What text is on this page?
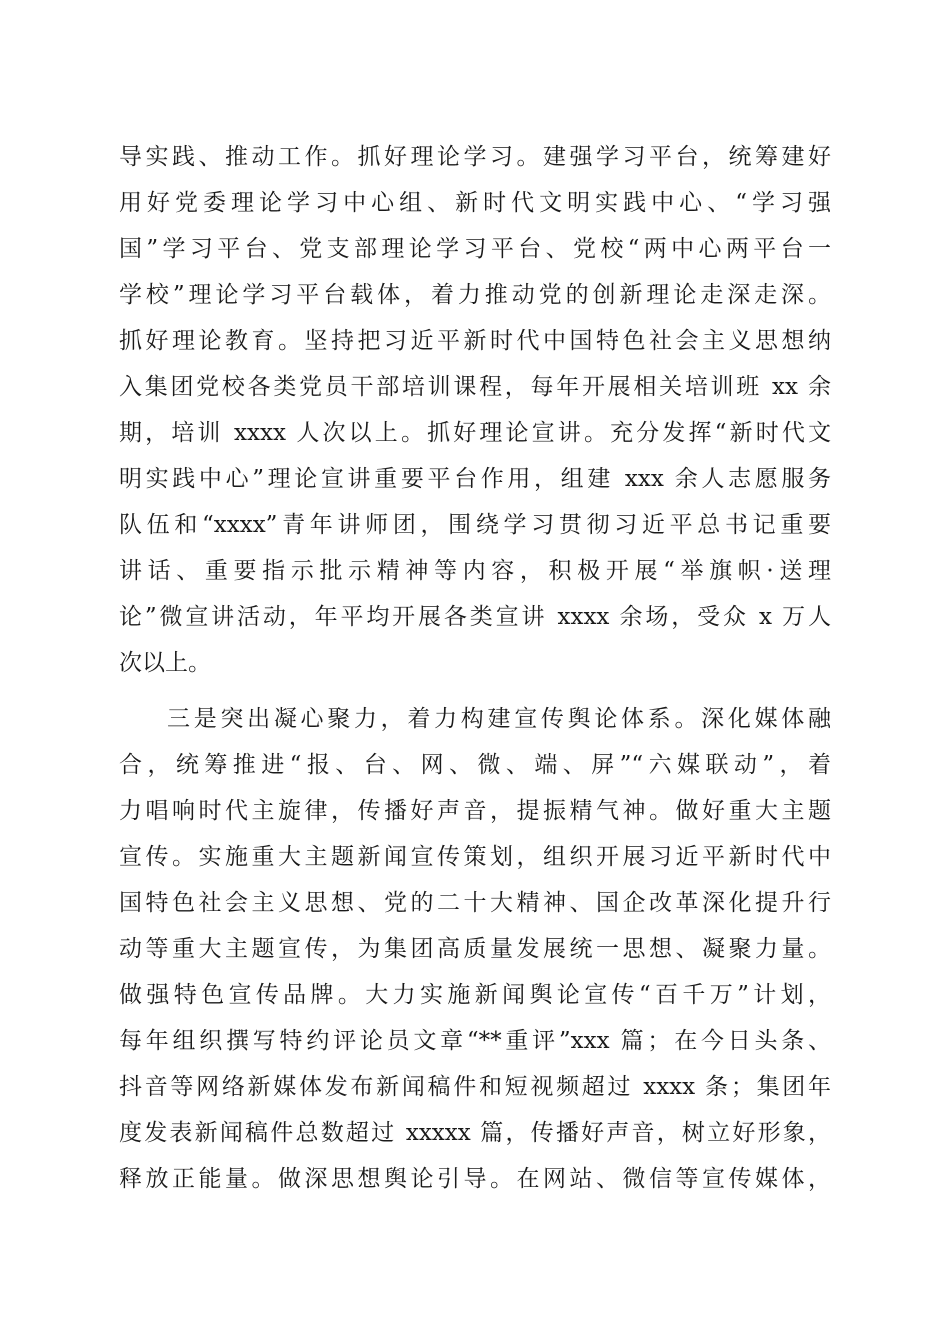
导实践、推动工作。抓好理论学习。建强学习平台，统筹建好
用好党委理论学习中心组、新时代文明实践中心、“学习强
国”学习平台、党支部理论学习平台、党校“两中心两平台一
学校”理论学习平台载体，着力推动党的创新理论走深走深。
抓好理论教育。坚持把习近平新时代中国特色社会主义思想纳
入集团党校各类党员干部培训课程，每年开展相关培训班 xx 余
期，培训 xxxx 人次以上。抓好理论宣讲。充分发挥“新时代文
明实践中心”理论宣讲重要平台作用，组建 xxx 余人志愿服务
队伍和“xxxx”青年讲师团，围绕学习贯彻习近平总书记重要
讲话、重要指示批示精神等内容，积极开展“举旗帜·送理
论”微宣讲活动，年平均开展各类宣讲 xxxx 余场，受众 x 万人
次以上。
三是突出凝心聚力，着力构建宣传舆论体系。深化媒体融
合，统筹推进“报、台、网、微、端、屏”“六媒联动”，着
力唱响时代主旋律，传播好声音，提振精气神。做好重大主题
宣传。实施重大主题新闻宣传策划，组织开展习近平新时代中
国特色社会主义思想、党的二十大精神、国企改革深化提升行
动等重大主题宣传，为集团高质量发展统一思想、凝聚力量。
做强特色宣传品牌。大力实施新闻舆论宣传“百千万”计划，
每年组织撰写特约评论员文章“**重评”xxx 篇；在今日头条、
抖音等网络新媒体发布新闻稿件和短视频超过 xxxx 条；集团年
度发表新闻稿件总数超过 xxxxx 篇，传播好声音，树立好形象，
释放正能量。做深思想舆论引导。在网站、微信等宣传媒体，
